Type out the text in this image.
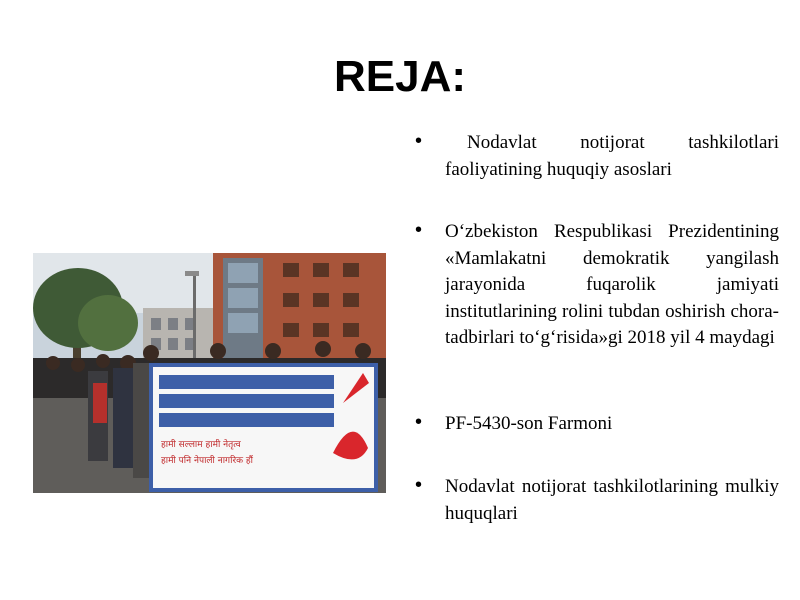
REJA:
हामी सल्लाम हामी नेतृत्व
हामी पनि नेपाली नागरिक हौं
•	Nodavlat notijorat tashkilotlari faoliyatining huquqiy asoslari
• O‘zbekiston Respublikasi Prezidentining «Mamlakatni demokratik yangilash jarayonida fuqarolik jamiyati institutlarining rolini tubdan oshirish chora-tadbirlari to‘g‘risida»gi 2018 yil 4 maydagi
• PF-5430-son Farmoni
• Nodavlat notijorat tashkilotlarining mulkiy huquqlari
